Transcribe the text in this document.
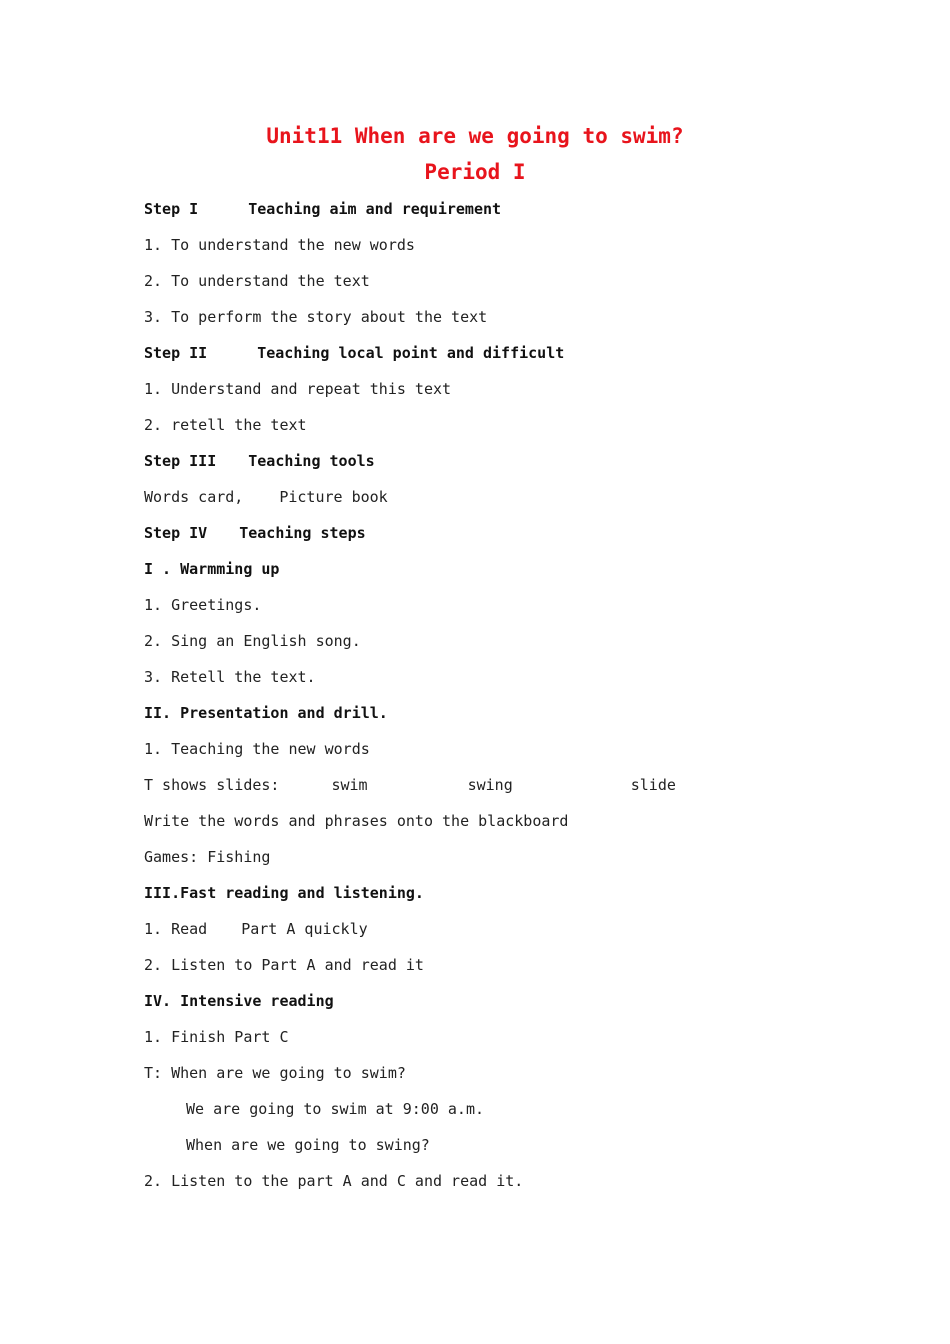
Unit11 When are we going to swim?
Period I

Step I	Teaching aim and requirement

1. To understand the new words

2. To understand the text

3. To perform the story about the text

Step II	Teaching local point and difficult

1. Understand and repeat this text

2. retell the text

Step III Teaching tools

Words card, Picture book

Step IV Teaching steps

I . Warmming up

1. Greetings.

2. Sing an English song.

3. Retell the text.

II. Presentation and drill.

1. Teaching the new words

T shows slides:	swim	swing	slide

Write the words and phrases onto the blackboard

Games: Fishing

III.Fast reading and listening.

1. Read Part A quickly

2. Listen to Part A and read it

IV. Intensive reading

1. Finish Part C

T: When are we going to swim?

We are going to swim at 9:00 a.m.

When are we going to swing?

2. Listen to the part A and C and read it.
